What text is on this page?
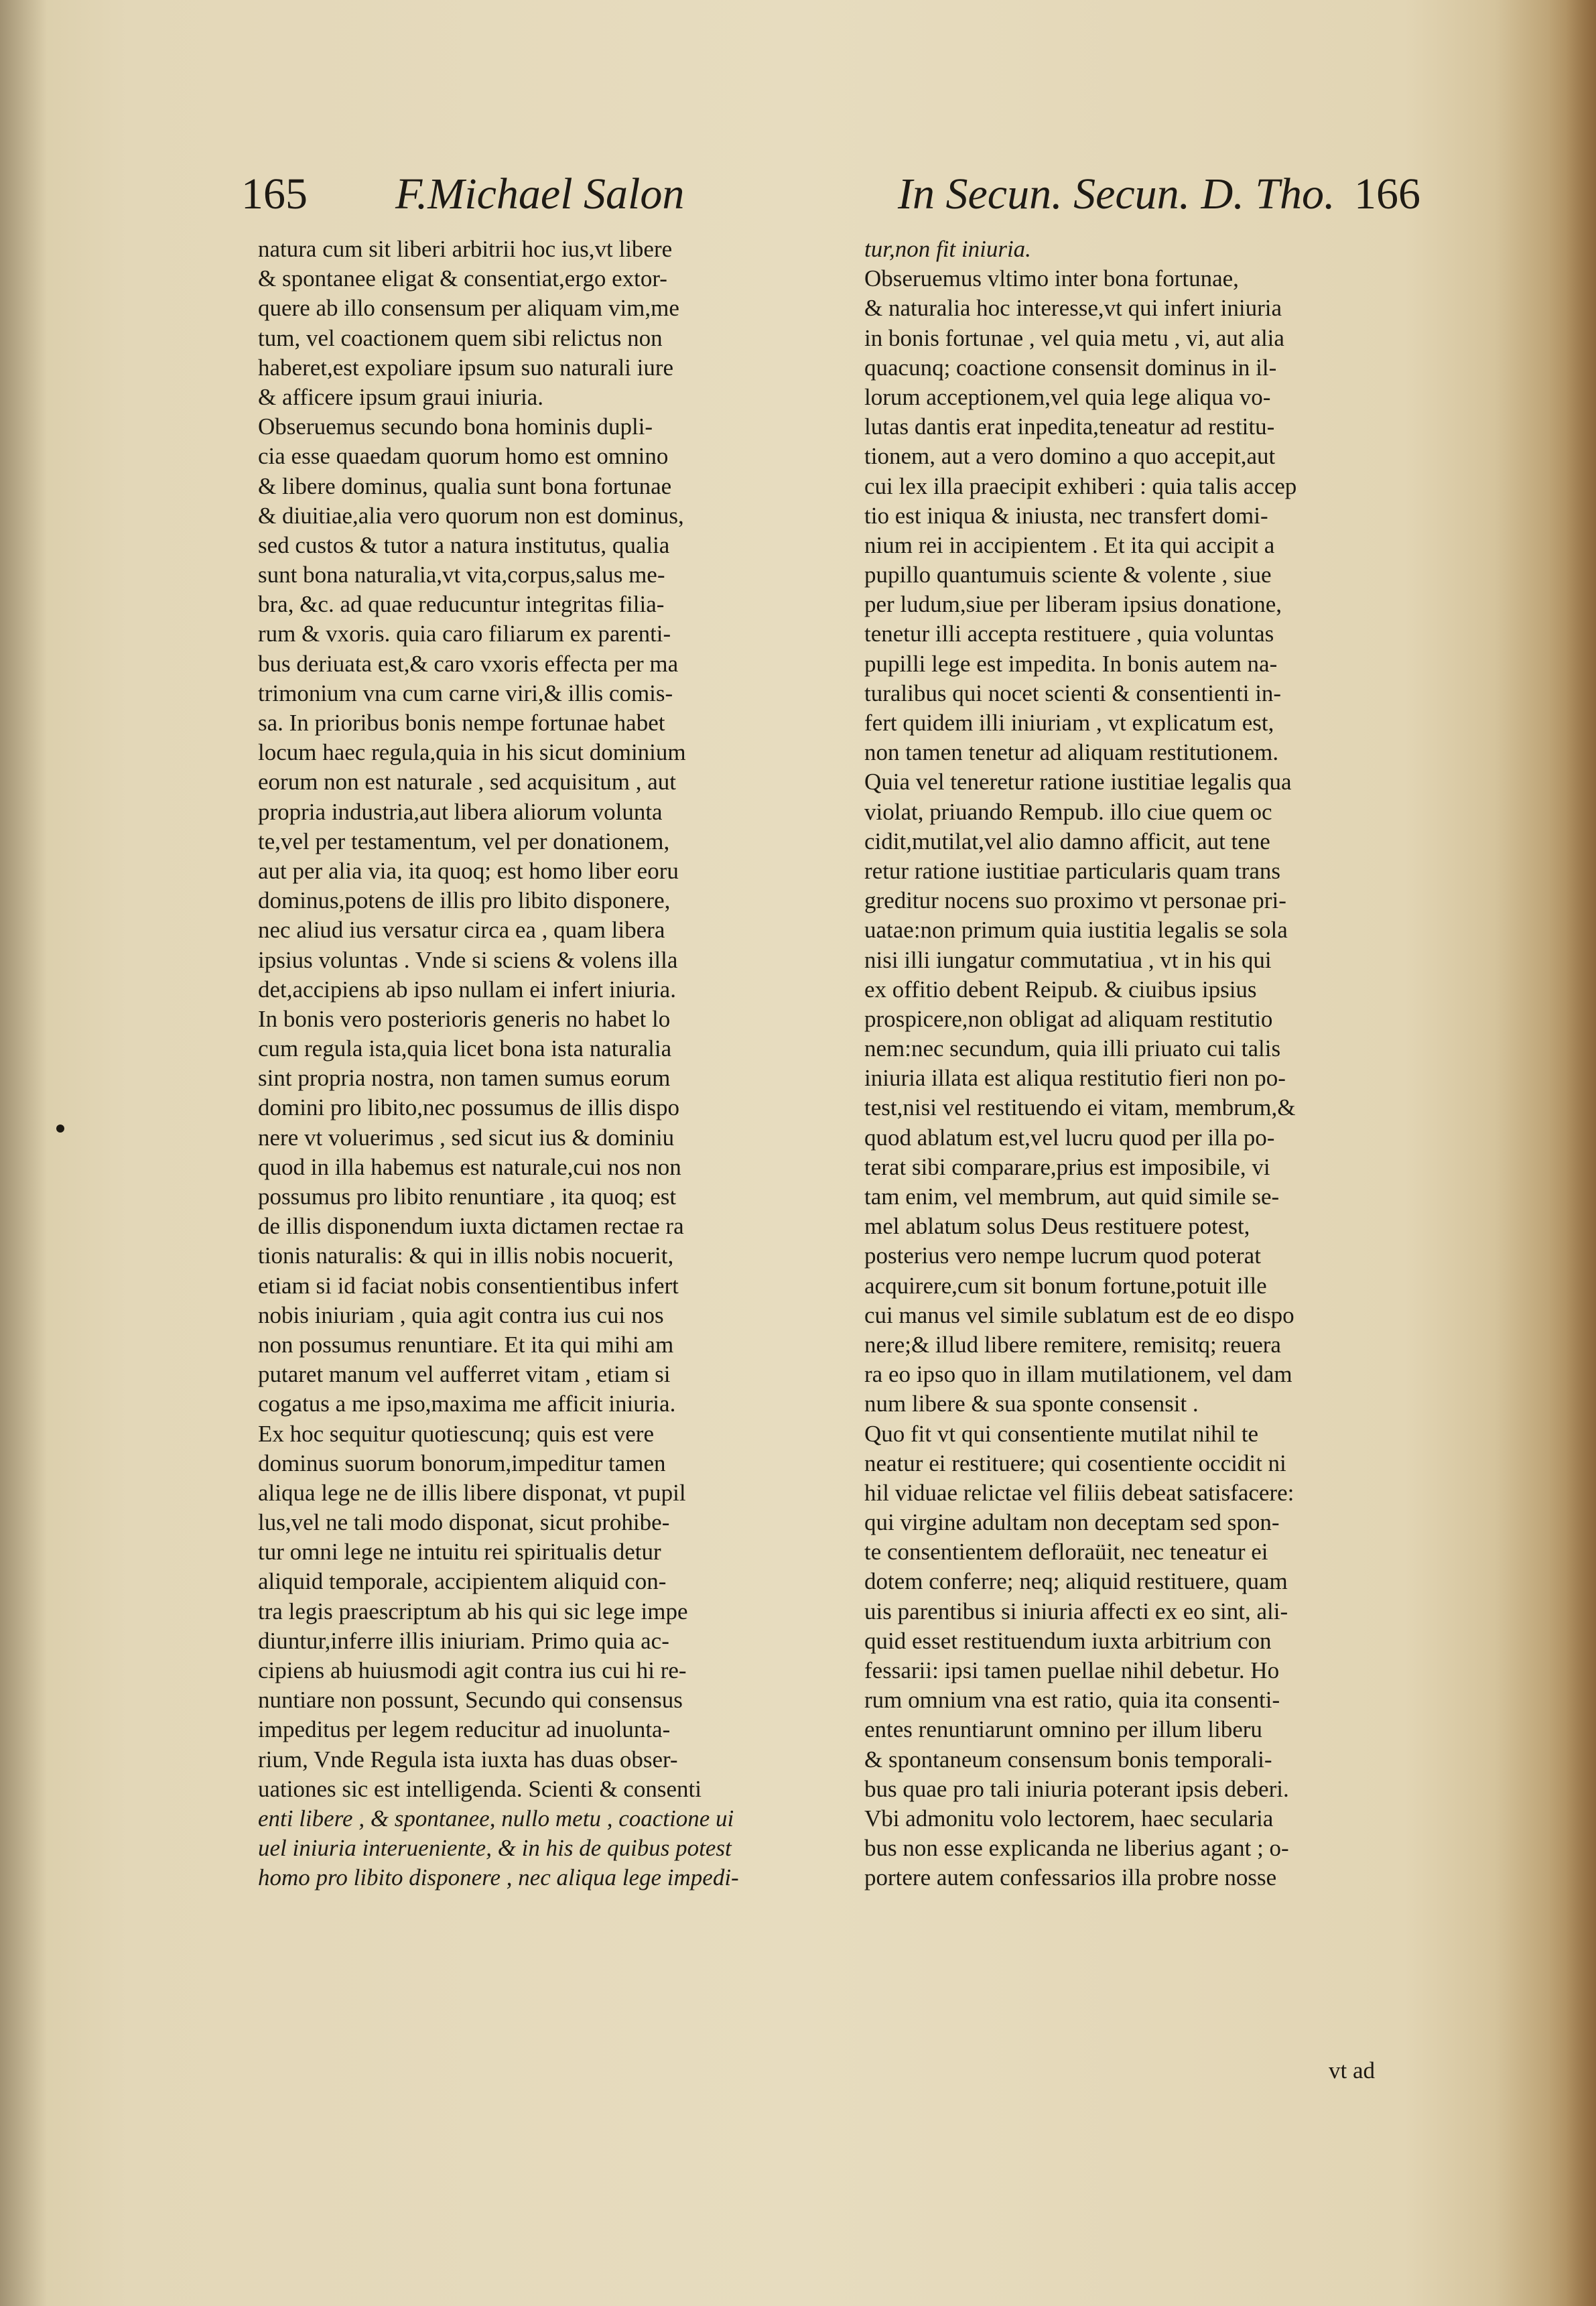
165 F.Michael Salon	In Secun. Secun. D. Tho. 166
natura cum sit liberi arbitrii hoc ius,vt libere
& spontanee eligat & consentiat,ergo extor-
quere ab illo consensum per aliquam vim,me
tum, vel coactionem quem sibi relictus non
haberet,est expoliare ipsum suo naturali iure
& afficere ipsum graui iniuria.
Obseruemus secundo bona hominis dupli-
cia esse quaedam quorum homo est omnino
& libere dominus, qualia sunt bona fortunae
& diuitiae,alia vero quorum non est dominus,
sed custos & tutor a natura institutus, qualia
sunt bona naturalia,vt vita,corpus,salus me-
bra, &c. ad quae reducuntur integritas filia-
rum & vxoris. quia caro filiarum ex parenti-
bus deriuata est,& caro vxoris effecta per ma
trimonium vna cum carne viri,& illis comis-
sa. In prioribus bonis nempe fortunae habet
locum haec regula,quia in his sicut dominium
eorum non est naturale , sed acquisitum , aut
propria industria,aut libera aliorum volunta
te,vel per testamentum, vel per donationem,
aut per alia via, ita quoq; est homo liber eoru
dominus,potens de illis pro libito disponere,
nec aliud ius versatur circa ea , quam libera
ipsius voluntas . Vnde si sciens & volens illa
det,accipiens ab ipso nullam ei infert iniuria.
In bonis vero posterioris generis no habet lo
cum regula ista,quia licet bona ista naturalia
sint propria nostra, non tamen sumus eorum
domini pro libito,nec possumus de illis dispo
nere vt voluerimus , sed sicut ius & dominiu
quod in illa habemus est naturale,cui nos non
possumus pro libito renuntiare , ita quoq; est
de illis disponendum iuxta dictamen rectae ra
tionis naturalis: & qui in illis nobis nocuerit,
etiam si id faciat nobis consentientibus infert
nobis iniuriam , quia agit contra ius cui nos
non possumus renuntiare. Et ita qui mihi am
putaret manum vel aufferret vitam , etiam si
cogatus a me ipso,maxima me afficit iniuria.
Ex hoc sequitur quotiescunq; quis est vere
dominus suorum bonorum,impeditur tamen
aliqua lege ne de illis libere disponat, vt pupil
lus,vel ne tali modo disponat, sicut prohibe-
tur omni lege ne intuitu rei spiritualis detur
aliquid temporale, accipientem aliquid con-
tra legis praescriptum ab his qui sic lege impe
diuntur,inferre illis iniuriam. Primo quia ac-
cipiens ab huiusmodi agit contra ius cui hi re-
nuntiare non possunt, Secundo qui consensus
impeditus per legem reducitur ad inuolunta-
rium, Vnde Regula ista iuxta has duas obser-
uationes sic est intelligenda. Scienti & consenti
enti libere , & spontanee, nullo metu , coactione ui
uel iniuria interueniente, & in his de quibus potest
homo pro libito disponere , nec aliqua lege impedi-
tur,non fit iniuria.
Obseruemus vltimo inter bona fortunae,
& naturalia hoc interesse,vt qui infert iniuria
in bonis fortunae , vel quia metu , vi, aut alia
quacunq; coactione consensit dominus in il-
lorum acceptionem,vel quia lege aliqua vo-
lutas dantis erat inpedita,teneatur ad restitu-
tionem, aut a vero domino a quo accepit,aut
cui lex illa praecipit exhiberi : quia talis accep
tio est iniqua & iniusta, nec transfert domi-
nium rei in accipientem . Et ita qui accipit a
pupillo quantumuis sciente & volente , siue
per ludum,siue per liberam ipsius donatione,
tenetur illi accepta restituere , quia voluntas
pupilli lege est impedita. In bonis autem na-
turalibus qui nocet scienti & consentienti in-
fert quidem illi iniuriam , vt explicatum est,
non tamen tenetur ad aliquam restitutionem.
Quia vel teneretur ratione iustitiae legalis qua
violat, priuando Rempub. illo ciue quem oc
cidit,mutilat,vel alio damno afficit, aut tene
retur ratione iustitiae particularis quam trans
greditur nocens suo proximo vt personae pri-
uatae:non primum quia iustitia legalis se sola
nisi illi iungatur commutatiua , vt in his qui
ex offitio debent Reipub. & ciuibus ipsius
prospicere,non obligat ad aliquam restitutio
nem:nec secundum, quia illi priuato cui talis
iniuria illata est aliqua restitutio fieri non po-
test,nisi vel restituendo ei vitam, membrum,&
quod ablatum est,vel lucru quod per illa po-
terat sibi comparare,prius est imposibile, vi
tam enim, vel membrum, aut quid simile se-
mel ablatum solus Deus restituere potest,
posterius vero nempe lucrum quod poterat
acquirere,cum sit bonum fortune,potuit ille
cui manus vel simile sublatum est de eo dispo
nere;& illud libere remitere, remisitq; reuera
ra eo ipso quo in illam mutilationem, vel dam
num libere & sua sponte consensit .
Quo fit vt qui consentiente mutilat nihil te
neatur ei restituere; qui cosentiente occidit ni
hil viduae relictae vel filiis debeat satisfacere:
qui virgine adultam non deceptam sed spon-
te consentientem defloraüit, nec teneatur ei
dotem conferre; neq; aliquid restituere, quam
uis parentibus si iniuria affecti ex eo sint, ali-
quid esset restituendum iuxta arbitrium con
fessarii: ipsi tamen puellae nihil debetur. Ho
rum omnium vna est ratio, quia ita consenti-
entes renuntiarunt omnino per illum liberu
& spontaneum consensum bonis temporali-
bus quae pro tali iniuria poterant ipsis deberi.
Vbi admonitu volo lectorem, haec secularia
bus non esse explicanda ne liberius agant ; o-
portere autem confessarios illa probre nosse
vt ad
